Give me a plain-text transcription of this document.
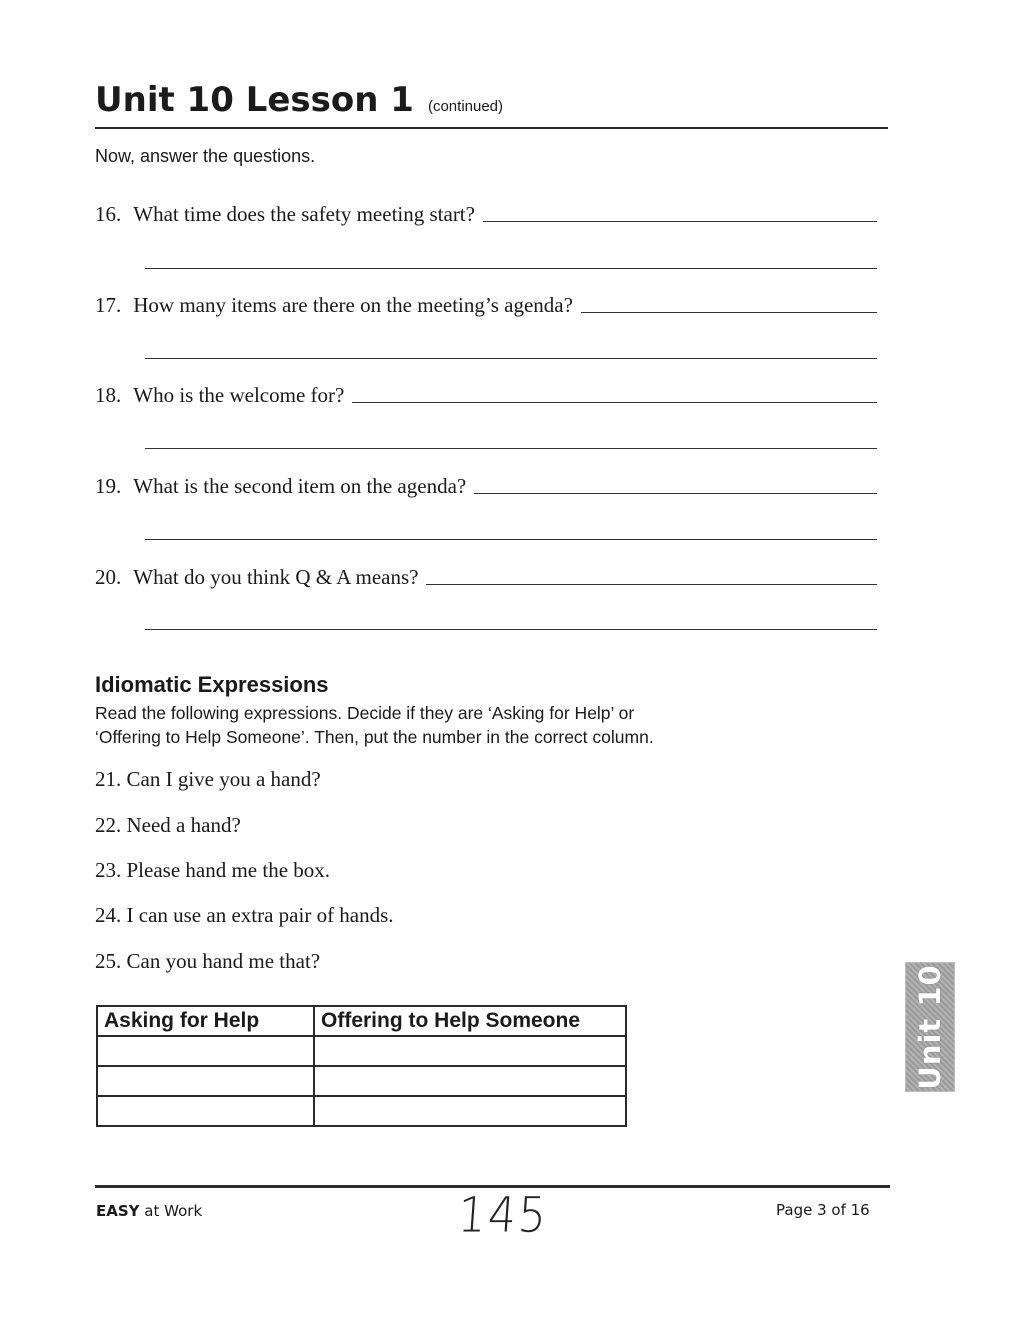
Unit 10 Lesson 1 (continued)
Now, answer the questions.
16. What time does the safety meeting start?
17. How many items are there on the meeting’s agenda?
18. Who is the welcome for?
19. What is the second item on the agenda?
20. What do you think Q & A means?
Idiomatic Expressions
Read the following expressions. Decide if they are ‘Asking for Help’ or
‘Offering to Help Someone’. Then, put the number in the correct column.
21. Can I give you a hand?
22. Need a hand?
23. Please hand me the box.
24. I can use an extra pair of hands.
25. Can you hand me that?
Asking for Help	Offering to Help Someone

		Unit 10
EASY at Work	145	Page 3 of 16
